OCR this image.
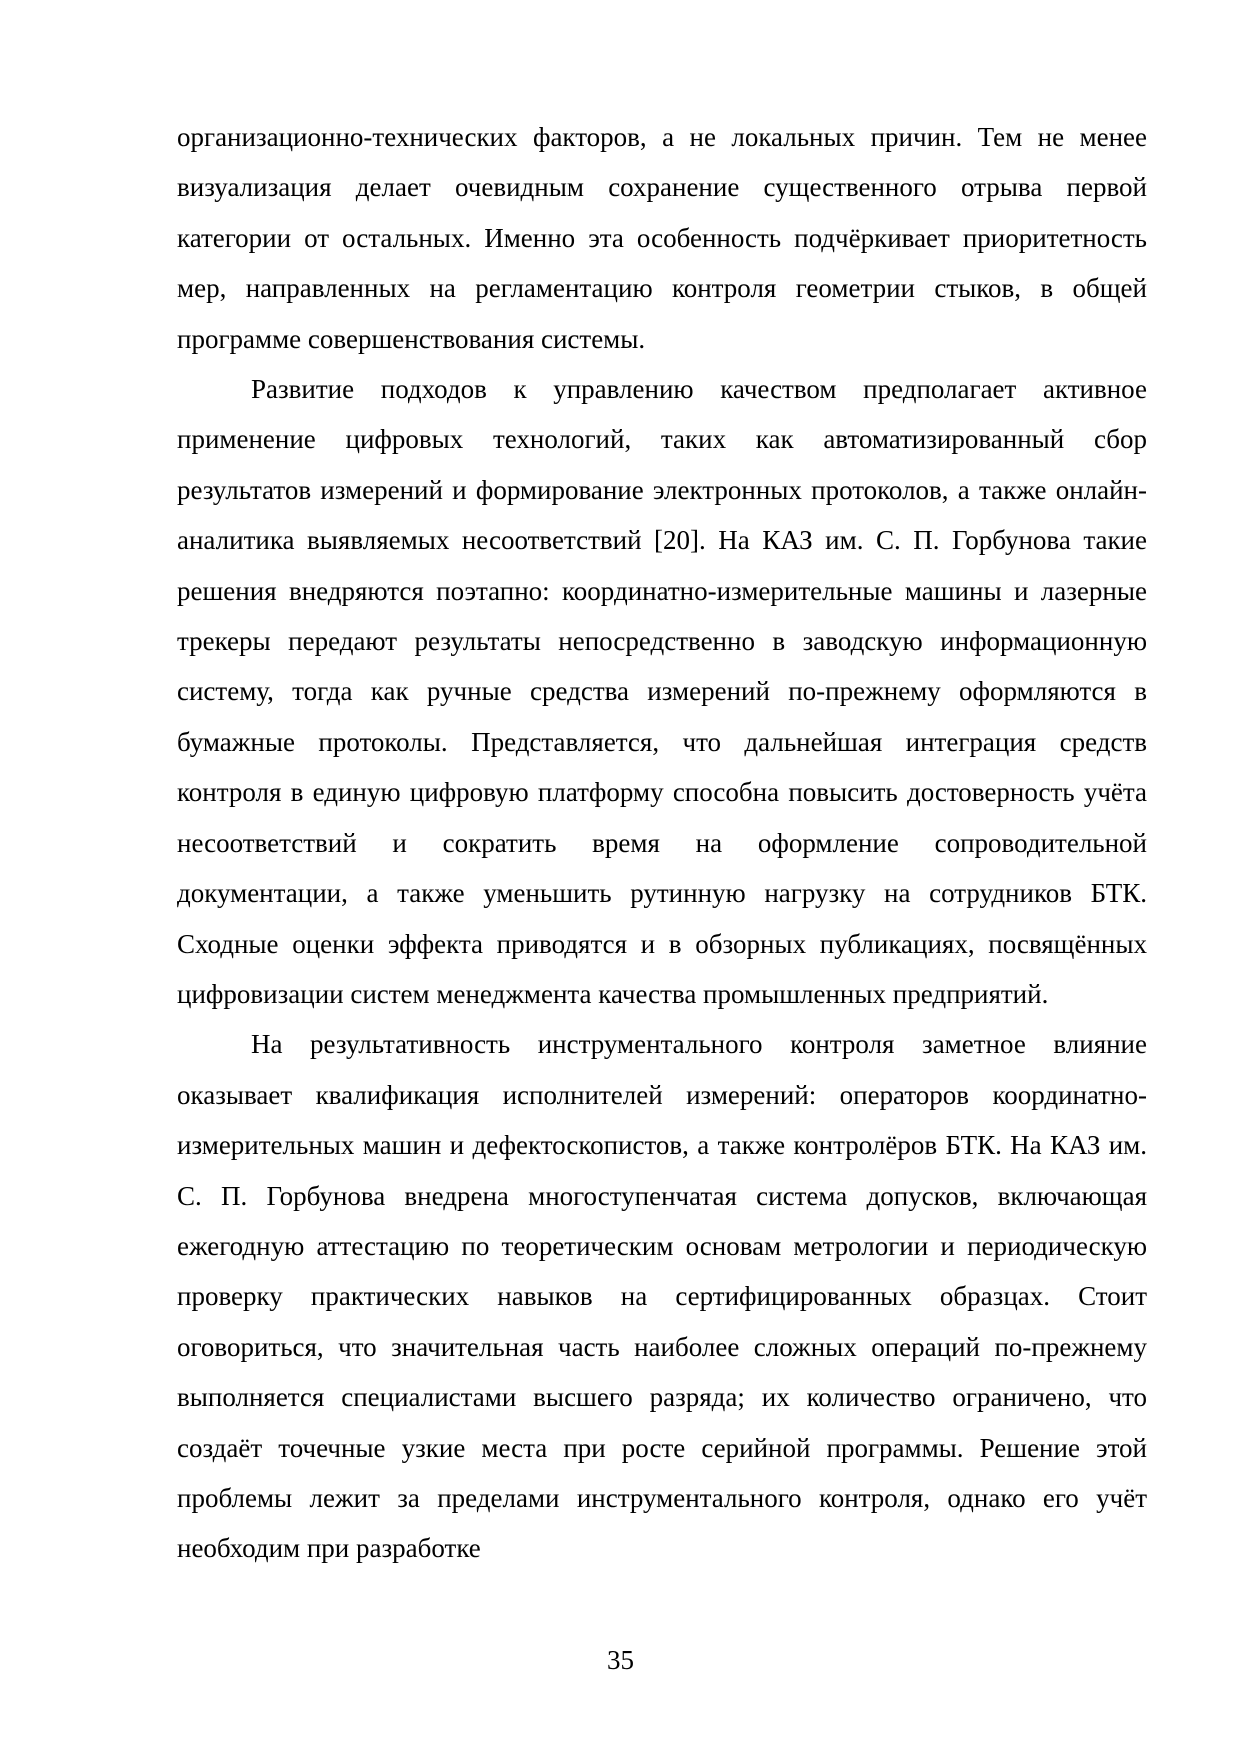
организационно-технических факторов, а не локальных причин. Тем не менее визуализация делает очевидным сохранение существенного отрыва первой категории от остальных. Именно эта особенность подчёркивает приоритетность мер, направленных на регламентацию контроля геометрии стыков, в общей программе совершенствования системы.

Развитие подходов к управлению качеством предполагает активное применение цифровых технологий, таких как автоматизированный сбор результатов измерений и формирование электронных протоколов, а также онлайн-аналитика выявляемых несоответствий [20]. На КАЗ им. С. П. Горбунова такие решения внедряются поэтапно: координатно-измерительные машины и лазерные трекеры передают результаты непосредственно в заводскую информационную систему, тогда как ручные средства измерений по-прежнему оформляются в бумажные протоколы. Представляется, что дальнейшая интеграция средств контроля в единую цифровую платформу способна повысить достоверность учёта несоответствий и сократить время на оформление сопроводительной документации, а также уменьшить рутинную нагрузку на сотрудников БТК. Сходные оценки эффекта приводятся и в обзорных публикациях, посвящённых цифровизации систем менеджмента качества промышленных предприятий.

На результативность инструментального контроля заметное влияние оказывает квалификация исполнителей измерений: операторов координатно-измерительных машин и дефектоскопистов, а также контролёров БТК. На КАЗ им. С. П. Горбунова внедрена многоступенчатая система допусков, включающая ежегодную аттестацию по теоретическим основам метрологии и периодическую проверку практических навыков на сертифицированных образцах. Стоит оговориться, что значительная часть наиболее сложных операций по-прежнему выполняется специалистами высшего разряда; их количество ограничено, что создаёт точечные узкие места при росте серийной программы. Решение этой проблемы лежит за пределами инструментального контроля, однако его учёт необходим при разработке

35
